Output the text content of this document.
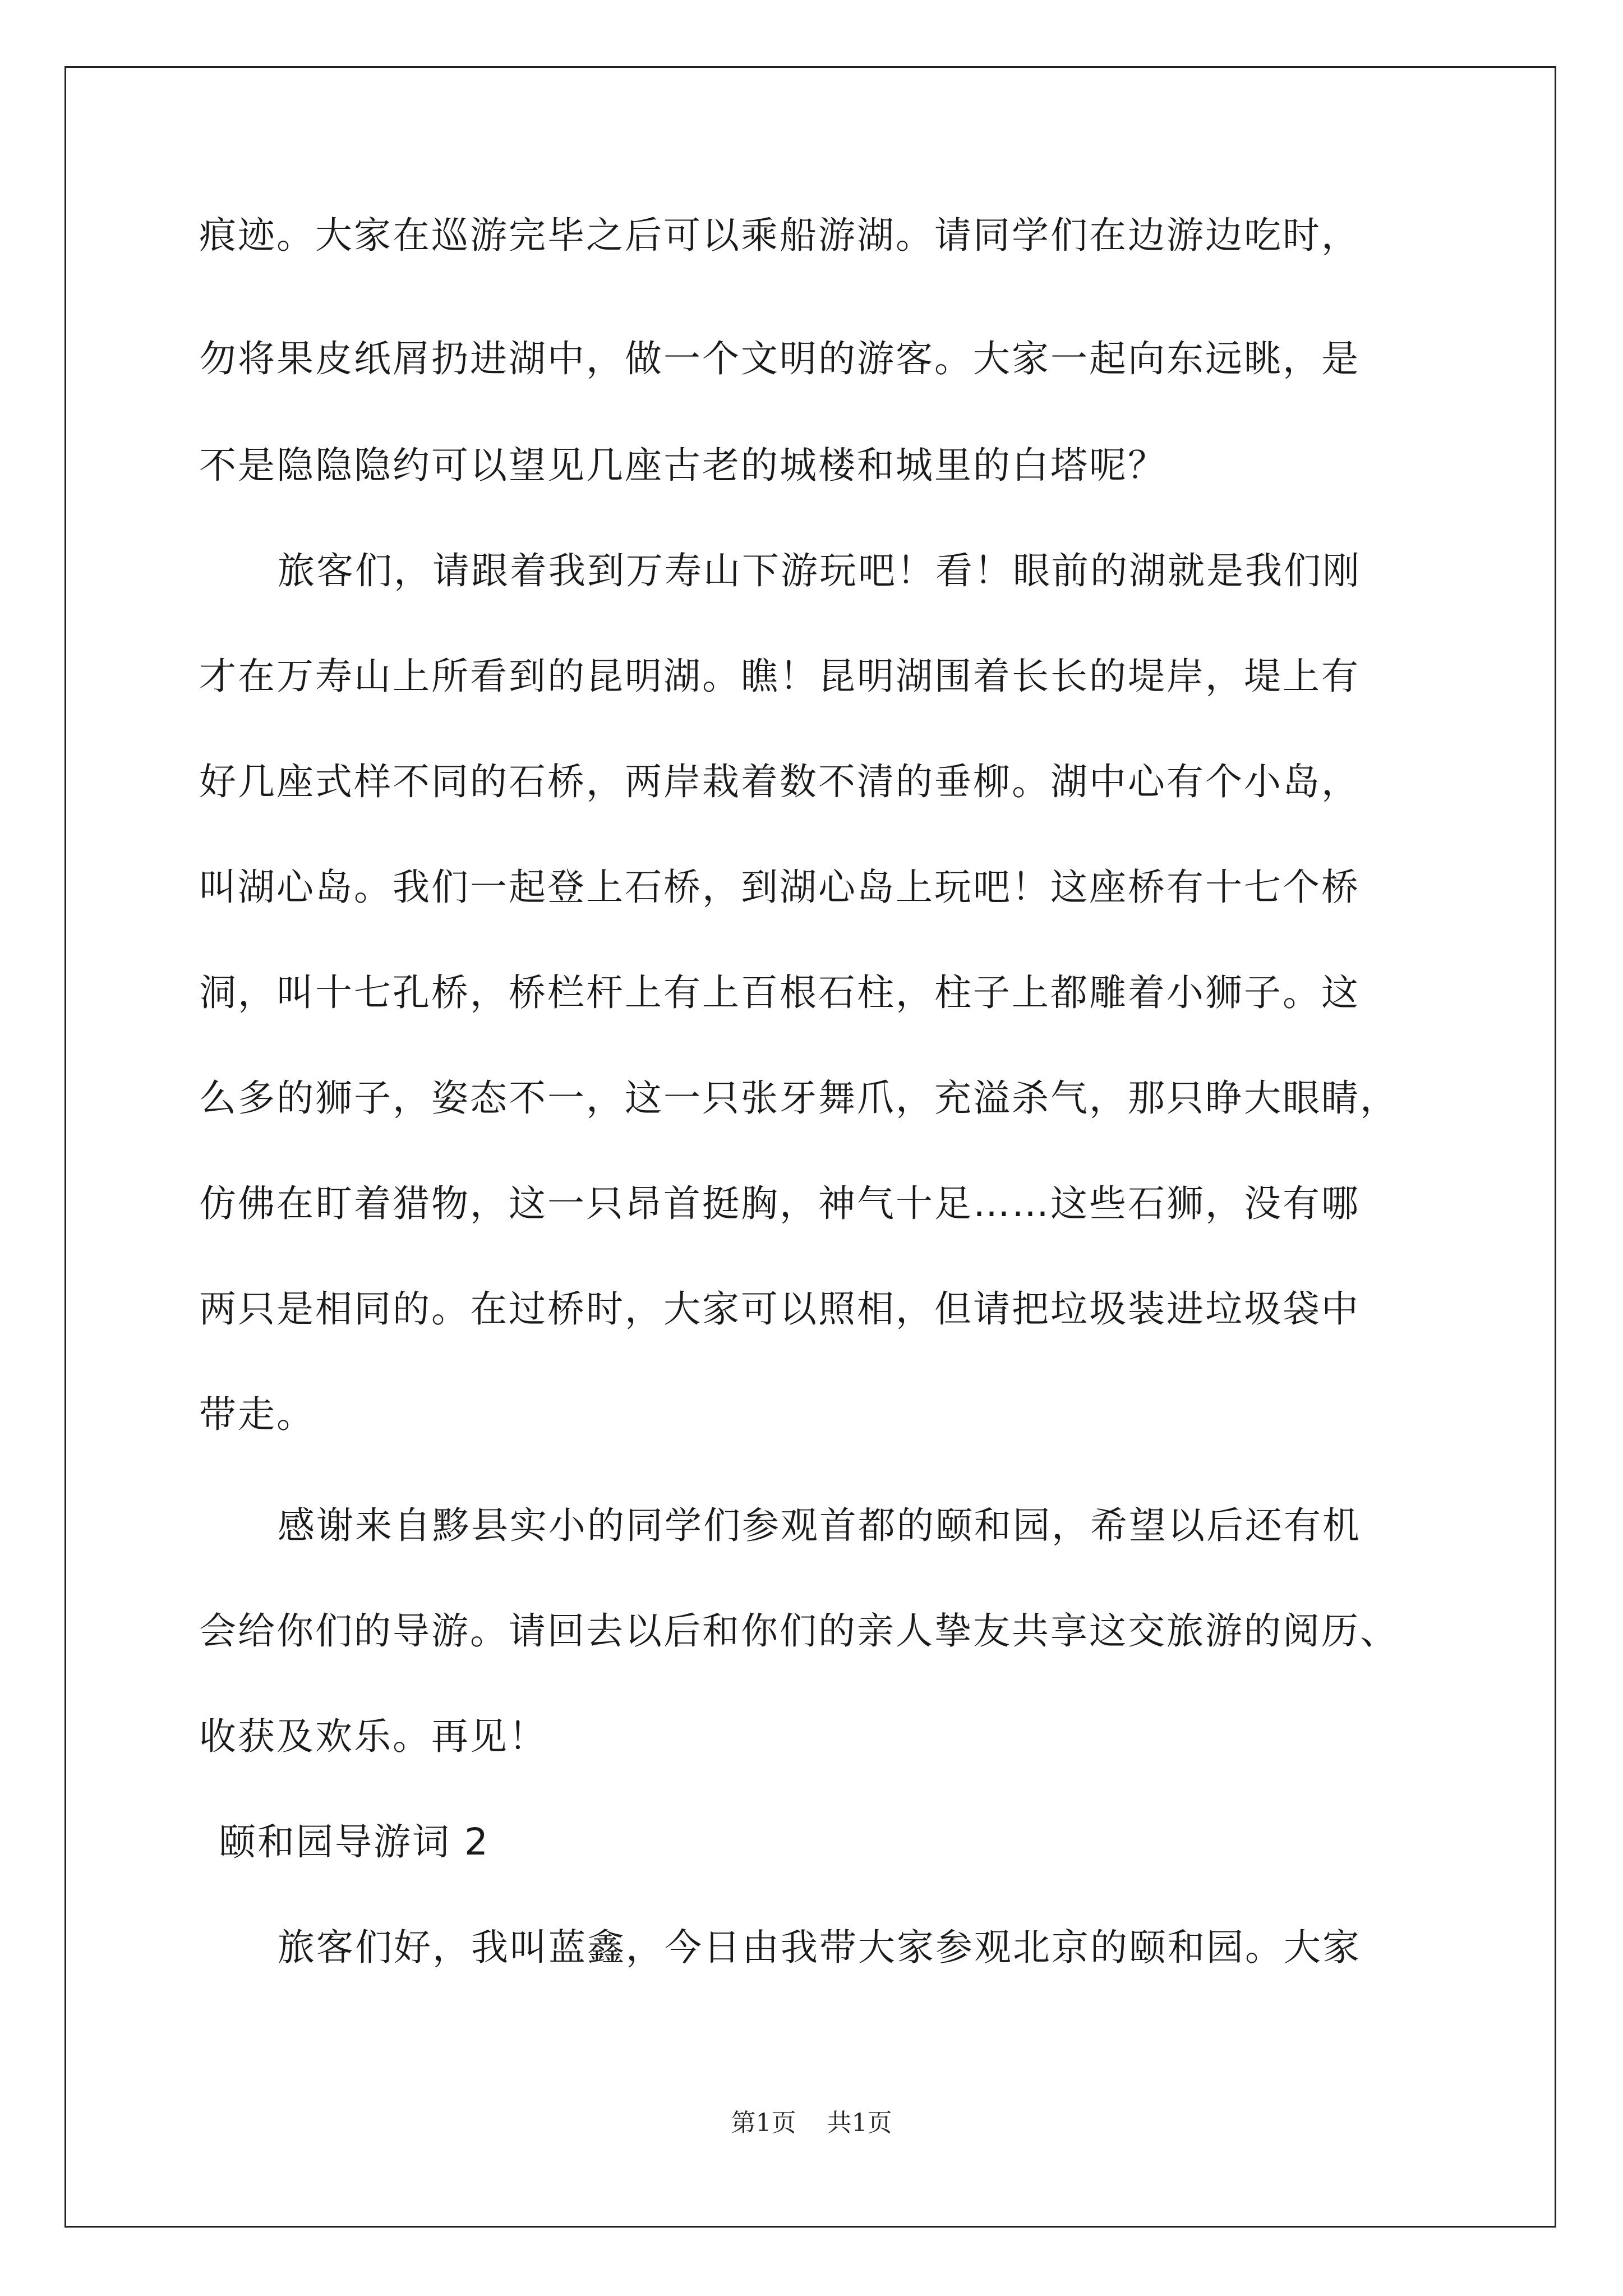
痕迹。大家在巡游完毕之后可以乘船游湖。请同学们在边游边吃时，
勿将果皮纸屑扔进湖中，做一个文明的游客。大家一起向东远眺，是
不是隐隐隐约可以望见几座古老的城楼和城里的白塔呢？
旅客们，请跟着我到万寿山下游玩吧！看！眼前的湖就是我们刚
才在万寿山上所看到的昆明湖。瞧！昆明湖围着长长的堤岸，堤上有
好几座式样不同的石桥，两岸栽着数不清的垂柳。湖中心有个小岛，
叫湖心岛。我们一起登上石桥，到湖心岛上玩吧！这座桥有十七个桥
洞，叫十七孔桥，桥栏杆上有上百根石柱，柱子上都雕着小狮子。这
么多的狮子，姿态不一，这一只张牙舞爪，充溢杀气，那只睁大眼睛，
仿佛在盯着猎物，这一只昂首挺胸，神气十足……这些石狮，没有哪
两只是相同的。在过桥时，大家可以照相，但请把垃圾装进垃圾袋中
带走。
感谢来自黟县实小的同学们参观首都的颐和园，希望以后还有机
会给你们的导游。请回去以后和你们的亲人挚友共享这交旅游的阅历、
收获及欢乐。再见！
颐和园导游词 2
旅客们好，我叫蓝鑫，今日由我带大家参观北京的颐和园。大家
第1页 共1页
